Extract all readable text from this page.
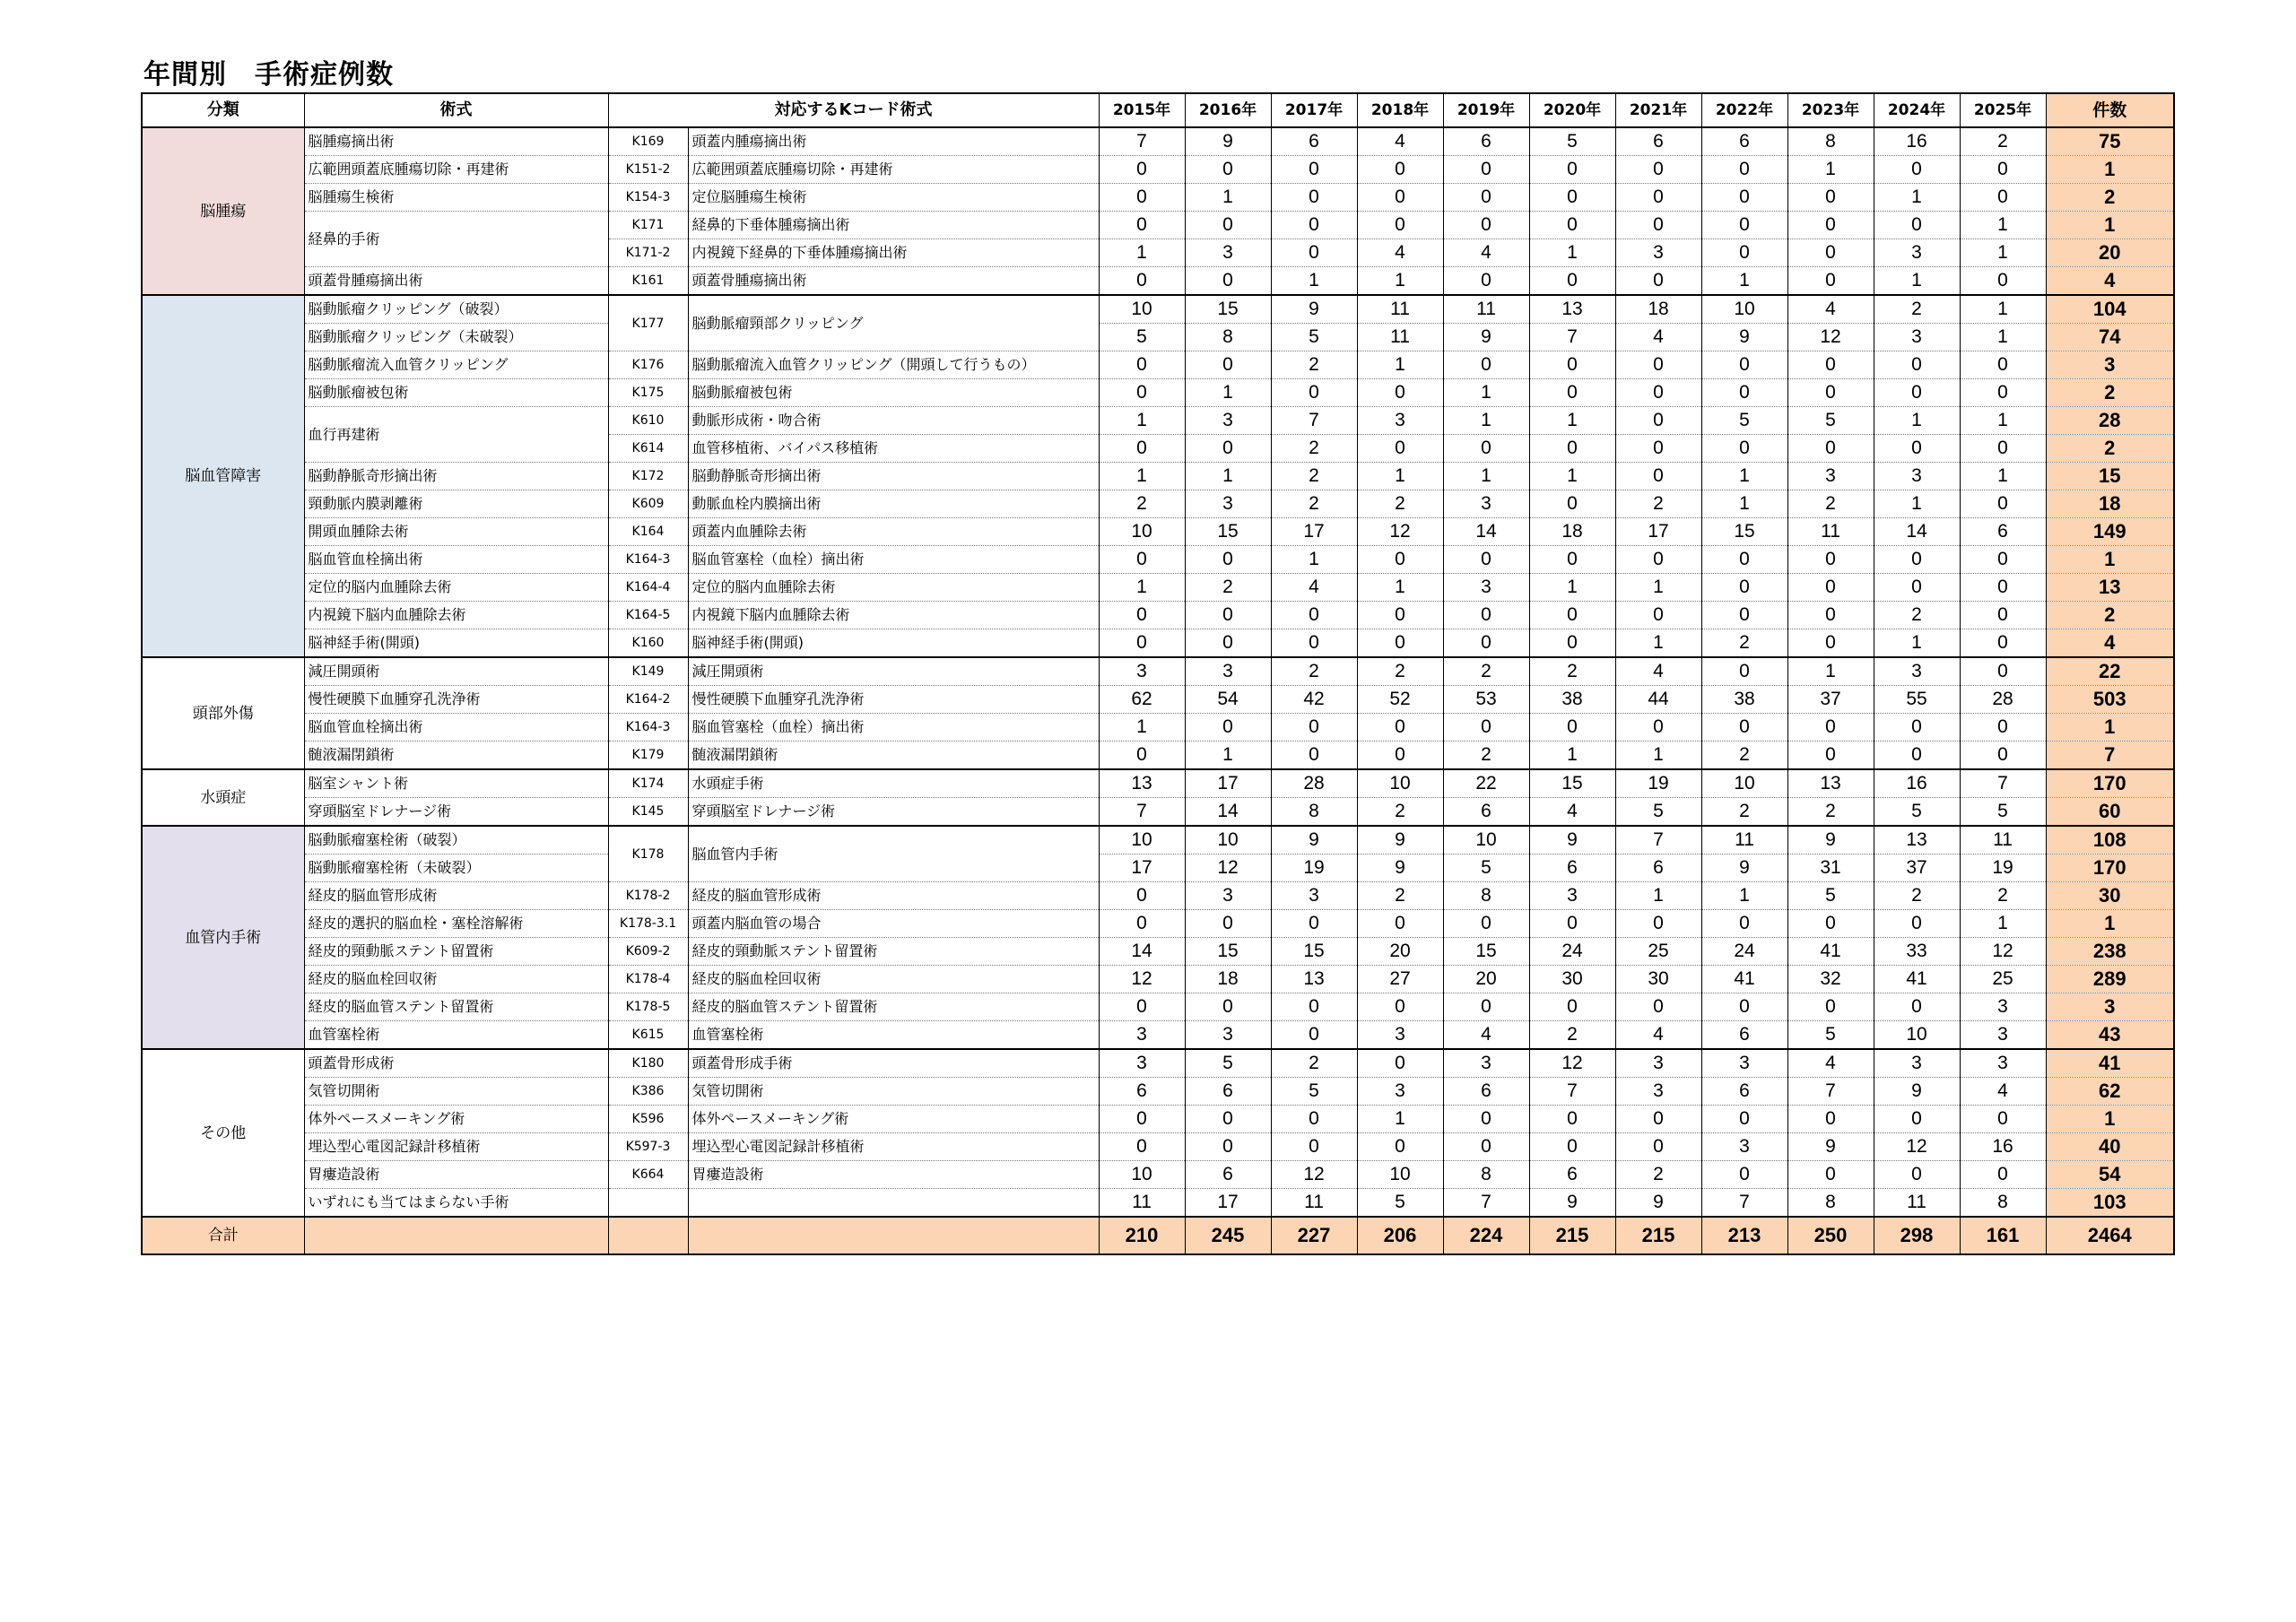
年間別　手術症例数
分類	術式	対応するKコード術式		2015年	2016年	2017年	2018年	2019年	2020年	2021年	2022年	2023年	2024年	2025年	件数
脳腫瘍	脳腫瘍摘出術	K169	頭蓋内腫瘍摘出術	7	9	6	4	6	5	6	6	8	16	2	75
	広範囲頭蓋底腫瘍切除・再建術	K151-2	広範囲頭蓋底腫瘍切除・再建術	0	0	0	0	0	0	0	0	1	0	0	1
	脳腫瘍生検術	K154-3	定位脳腫瘍生検術	0	1	0	0	0	0	0	0	0	1	0	2
	経鼻的手術	K171	経鼻的下垂体腫瘍摘出術	0	0	0	0	0	0	0	0	0	0	1	1
		K171-2	内視鏡下経鼻的下垂体腫瘍摘出術	1	3	0	4	4	1	3	0	0	3	1	20
	頭蓋骨腫瘍摘出術	K161	頭蓋骨腫瘍摘出術	0	0	1	1	0	0	0	1	0	1	0	4
脳血管障害	脳動脈瘤クリッピング（破裂）	K177	脳動脈瘤頸部クリッピング	10	15	9	11	11	13	18	10	4	2	1	104
	脳動脈瘤クリッピング（未破裂）			5	8	5	11	9	7	4	9	12	3	1	74
	脳動脈瘤流入血管クリッピング	K176	脳動脈瘤流入血管クリッピング（開頭して行うもの）	0	0	2	1	0	0	0	0	0	0	0	3
	脳動脈瘤被包術	K175	脳動脈瘤被包術	0	1	0	0	1	0	0	0	0	0	0	2
	血行再建術	K610	動脈形成術・吻合術	1	3	7	3	1	1	0	5	5	1	1	28
		K614	血管移植術、バイパス移植術	0	0	2	0	0	0	0	0	0	0	0	2
	脳動静脈奇形摘出術	K172	脳動静脈奇形摘出術	1	1	2	1	1	1	0	1	3	3	1	15
	頸動脈内膜剥離術	K609	動脈血栓内膜摘出術	2	3	2	2	3	0	2	1	2	1	0	18
	開頭血腫除去術	K164	頭蓋内血腫除去術	10	15	17	12	14	18	17	15	11	14	6	149
	脳血管血栓摘出術	K164-3	脳血管塞栓（血栓）摘出術	0	0	1	0	0	0	0	0	0	0	0	1
	定位的脳内血腫除去術	K164-4	定位的脳内血腫除去術	1	2	4	1	3	1	1	0	0	0	0	13
	内視鏡下脳内血腫除去術	K164-5	内視鏡下脳内血腫除去術	0	0	0	0	0	0	0	0	0	2	0	2
	脳神経手術(開頭)	K160	脳神経手術(開頭)	0	0	0	0	0	0	1	2	0	1	0	4
頭部外傷	減圧開頭術	K149	減圧開頭術	3	3	2	2	2	2	4	0	1	3	0	22
	慢性硬膜下血腫穿孔洗浄術	K164-2	慢性硬膜下血腫穿孔洗浄術	62	54	42	52	53	38	44	38	37	55	28	503
	脳血管血栓摘出術	K164-3	脳血管塞栓（血栓）摘出術	1	0	0	0	0	0	0	0	0	0	0	1
	髄液漏閉鎖術	K179	髄液漏閉鎖術	0	1	0	0	2	1	1	2	0	0	0	7
水頭症	脳室シャント術	K174	水頭症手術	13	17	28	10	22	15	19	10	13	16	7	170
	穿頭脳室ドレナージ術	K145	穿頭脳室ドレナージ術	7	14	8	2	6	4	5	2	2	5	5	60
血管内手術	脳動脈瘤塞栓術（破裂）	K178	脳血管内手術	10	10	9	9	10	9	7	11	9	13	11	108
	脳動脈瘤塞栓術（未破裂）			17	12	19	9	5	6	6	9	31	37	19	170
	経皮的脳血管形成術	K178-2	経皮的脳血管形成術	0	3	3	2	8	3	1	1	5	2	2	30
	経皮的選択的脳血栓・塞栓溶解術	K178-3.1	頭蓋内脳血管の場合	0	0	0	0	0	0	0	0	0	0	1	1
	経皮的頸動脈ステント留置術	K609-2	経皮的頸動脈ステント留置術	14	15	15	20	15	24	25	24	41	33	12	238
	経皮的脳血栓回収術	K178-4	経皮的脳血栓回収術	12	18	13	27	20	30	30	41	32	41	25	289
	経皮的脳血管ステント留置術	K178-5	経皮的脳血管ステント留置術	0	0	0	0	0	0	0	0	0	0	3	3
	血管塞栓術	K615	血管塞栓術	3	3	0	3	4	2	4	6	5	10	3	43
その他	頭蓋骨形成術	K180	頭蓋骨形成手術	3	5	2	0	3	12	3	3	4	3	3	41
	気管切開術	K386	気管切開術	6	6	5	3	6	7	3	6	7	9	4	62
	体外ペースメーキング術	K596	体外ペースメーキング術	0	0	0	1	0	0	0	0	0	0	0	1
	埋込型心電図記録計移植術	K597-3	埋込型心電図記録計移植術	0	0	0	0	0	0	0	3	9	12	16	40
	胃瘻造設術	K664	胃瘻造設術	10	6	12	10	8	6	2	0	0	0	0	54
	いずれにも当てはまらない手術			11	17	11	5	7	9	9	7	8	11	8	103
合計				210	245	227	206	224	215	215	213	250	298	161	2464
